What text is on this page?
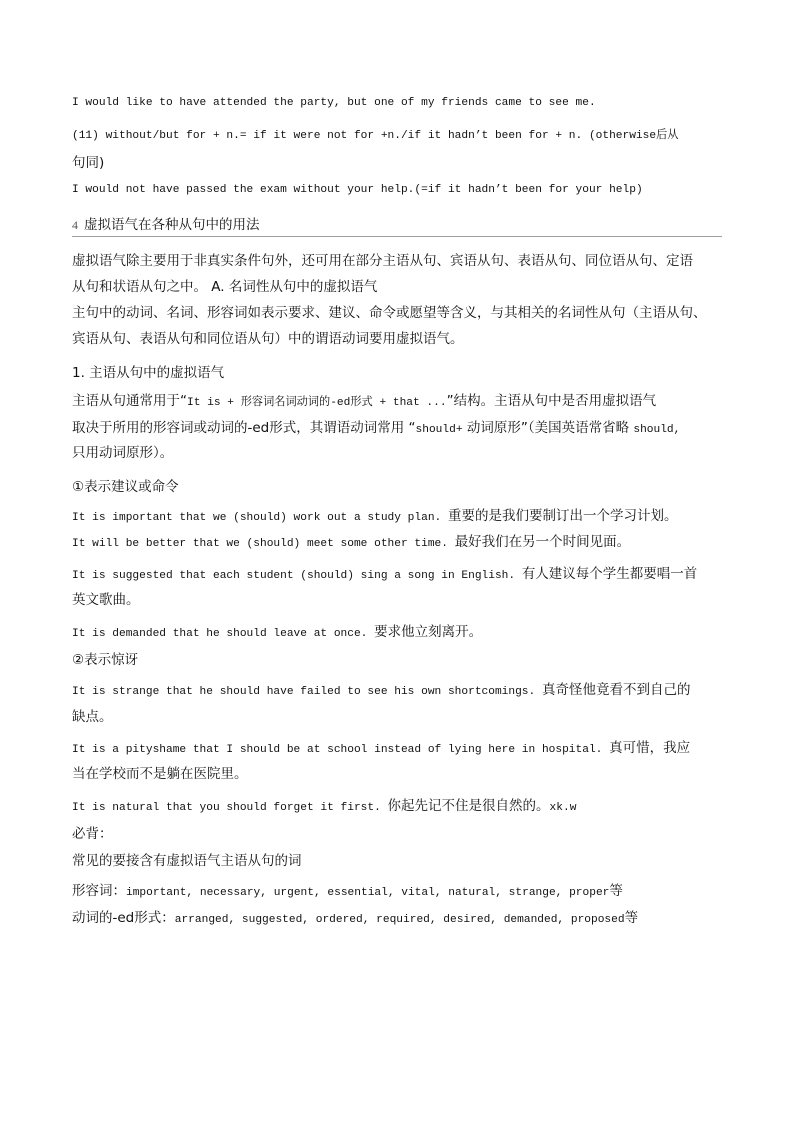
I would like to have attended the party, but one of my friends came to see me.
(11) without/but for + n.= if it were not for +n./if it hadn’t been for + n. (otherwise后从
句同)
I would not have passed the exam without your help.(=if it hadn’t been for your help)
4 虚拟语气在各种从句中的用法
虚拟语气除主要用于非真实条件句外，还可用在部分主语从句、宾语从句、表语从句、同位语从句、定语
从句和状语从句之中。 A. 名词性从句中的虚拟语气
主句中的动词、名词、形容词如表示要求、建议、命令或愿望等含义，与其相关的名词性从句（主语从句、
宾语从句、表语从句和同位语从句）中的谓语动词要用虚拟语气。
1. 主语从句中的虚拟语气
主语从句通常用于“It is + 形容词名词动词的-ed形式 + that ...”结构。主语从句中是否用虚拟语气
取决于所用的形容词或动词的-ed形式，其谓语动词常用 “should+ 动词原形”（美国英语常省略 should,
只用动词原形）。
①表示建议或命令
It is important that we (should) work out a study plan. 重要的是我们要制订出一个学习计划。
It will be better that we (should) meet some other time. 最好我们在另一个时间见面。
It is suggested that each student (should) sing a song in English. 有人建议每个学生都要唱一首
英文歌曲。
It is demanded that he should leave at once. 要求他立刻离开。
②表示惊讶
It is strange that he should have failed to see his own shortcomings. 真奇怪他竟看不到自己的
缺点。
It is a pityshame that I should be at school instead of lying here in hospital. 真可惜，我应
当在学校而不是躺在医院里。
It is natural that you should forget it first. 你起先记不住是很自然的。xk.w
必背：
常见的要接含有虚拟语气主语从句的词
形容词：important, necessary, urgent, essential, vital, natural, strange, proper等
动词的-ed形式：arranged, suggested, ordered, required, desired, demanded, proposed等
